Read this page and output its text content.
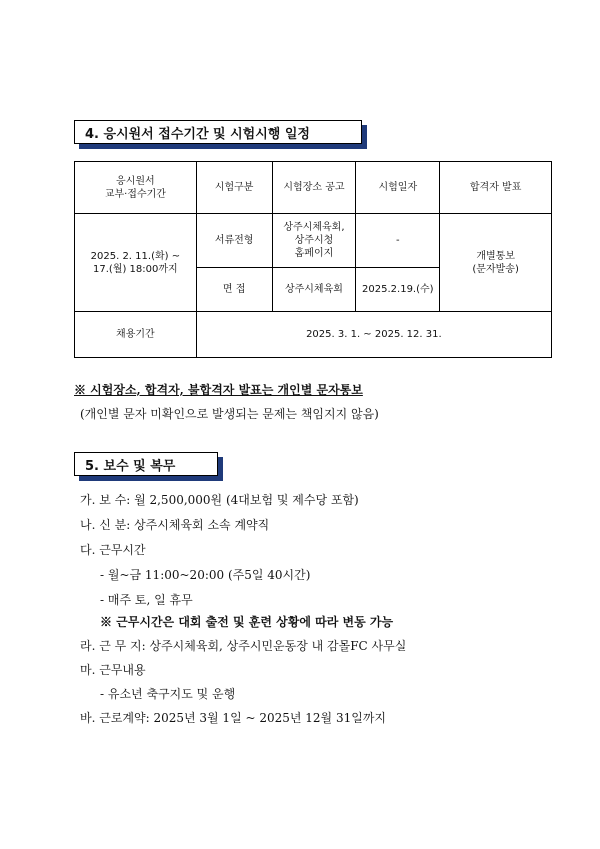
4. 응시원서 접수기간 및 시험시행 일정
응시원서
교부·접수기간	시험구분	시험장소 공고	시험일자	합격자 발표
2025. 2. 11.(화) ~
17.(월) 18:00까지	서류전형	상주시체육회,
상주시청
홈페이지	-	개별통보
(문자발송)
	면 접	상주시체육회	2025.2.19.(수)	
채용기간	2025. 3. 1. ~ 2025. 12. 31.			
※ 시험장소, 합격자, 불합격자 발표는 개인별 문자통보
(개인별 문자 미확인으로 발생되는 문제는 책임지지 않음)
5. 보수 및 복무
가. 보 수: 월 2,500,000원 (4대보험 및 제수당 포함)
나. 신 분: 상주시체육회 소속 계약직
다. 근무시간
- 월~금 11:00~20:00 (주5일 40시간)
- 매주 토, 일 휴무
※ 근무시간은 대회 출전 및 훈련 상황에 따라 변동 가능
라. 근 무 지: 상주시체육회, 상주시민운동장 내 감몰FC 사무실
마. 근무내용
- 유소년 축구지도 및 운행
바. 근로계약: 2025년 3월 1일 ~ 2025년 12월 31일까지
